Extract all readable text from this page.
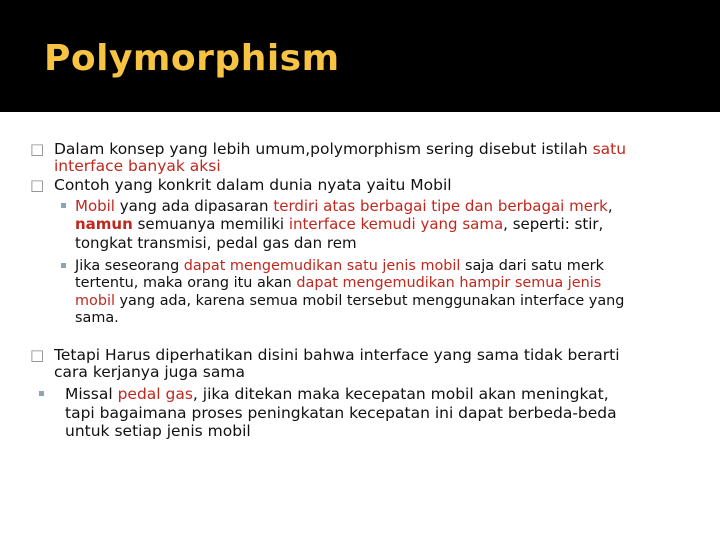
Polymorphism
□ Dalam konsep yang lebih umum,polymorphism sering disebut istilah satu
interface banyak aksi
□ Contoh yang konkrit dalam dunia nyata yaitu Mobil
Mobil yang ada dipasaran terdiri atas berbagai tipe dan berbagai merk,
namun semuanya memiliki interface kemudi yang sama, seperti: stir,
tongkat transmisi, pedal gas dan rem
Jika seseorang dapat mengemudikan satu jenis mobil saja dari satu merk
tertentu, maka orang itu akan dapat mengemudikan hampir semua jenis
mobil yang ada, karena semua mobil tersebut menggunakan interface yang
sama.
□ Tetapi Harus diperhatikan disini bahwa interface yang sama tidak berarti
cara kerjanya juga sama
Missal pedal gas, jika ditekan maka kecepatan mobil akan meningkat,
tapi bagaimana proses peningkatan kecepatan ini dapat berbeda-beda
untuk setiap jenis mobil
